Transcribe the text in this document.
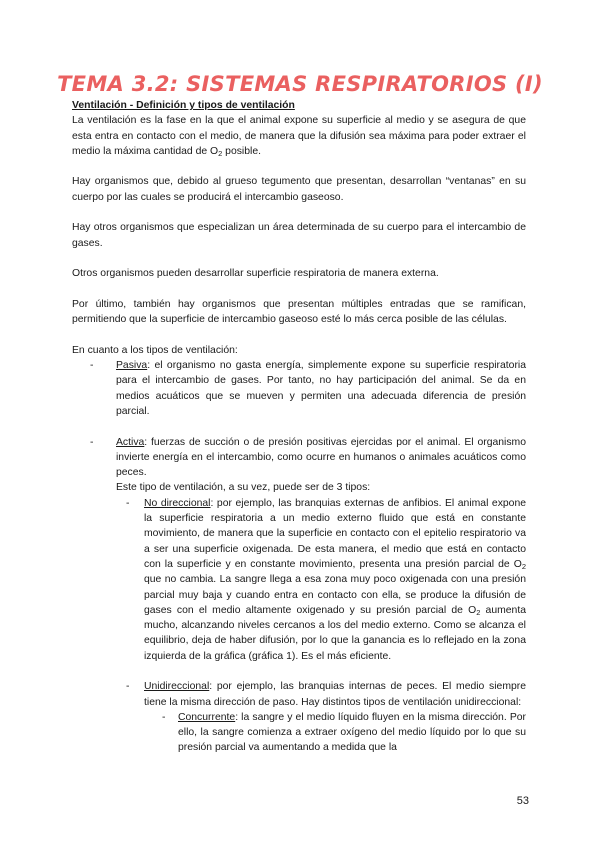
TEMA 3.2: SISTEMAS RESPIRATORIOS (I)

Ventilación - Definición y tipos de ventilación

La ventilación es la fase en la que el animal expone su superficie al medio y se asegura de que esta entra en contacto con el medio, de manera que la difusión sea máxima para poder extraer el medio la máxima cantidad de $O_2$ posible.

Hay organismos que, debido al grueso tegumento que presentan, desarrollan “ventanas” en su cuerpo por las cuales se producirá el intercambio gaseoso.

Hay otros organismos que especializan un área determinada de su cuerpo para el intercambio de gases.

Otros organismos pueden desarrollar superficie respiratoria de manera externa.

Por último, también hay organismos que presentan múltiples entradas que se ramifican, permitiendo que la superficie de intercambio gaseoso esté lo más cerca posible de las células.

En cuanto a los tipos de ventilación:

- Pasiva: el organismo no gasta energía, simplemente expone su superficie respiratoria para el intercambio de gases. Por tanto, no hay participación del animal. Se da en medios acuáticos que se mueven y permiten una adecuada diferencia de presión parcial.
- Activa: fuerzas de succión o de presión positivas ejercidas por el animal. El organismo invierte energía en el intercambio, como ocurre en humanos o animales acuáticos como peces.

Este tipo de ventilación, a su vez, puede ser de 3 tipos:

- No direccional: por ejemplo, las branquias externas de anfibios. El animal expone la superficie respiratoria a un medio externo fluido que está en constante movimiento, de manera que la superficie en contacto con el epitelio respiratorio va a ser una superficie oxigenada. De esta manera, el medio que está en contacto con la superficie y en constante movimiento, presenta una presión parcial de $O_2$ que no cambia. La sangre llega a esa zona muy poco oxigenada con una presión parcial muy baja y cuando entra en contacto con ella, se produce la difusión de gases con el medio altamente oxigenado y su presión parcial de $O_2$ aumenta mucho, alcanzando niveles cercanos a los del medio externo. Como se alcanza el equilibrio, deja de haber difusión, por lo que la ganancia es lo reflejado en la zona izquierda de la gráfica (gráfica 1). Es el más eficiente.
- Unidireccional: por ejemplo, las branquias internas de peces. El medio siempre tiene la misma dirección de paso. Hay distintos tipos de ventilación unidireccional:
- Concurrente: la sangre y el medio líquido fluyen en la misma dirección. Por ello, la sangre comienza a extraer oxígeno del medio líquido por lo que su presión parcial va aumentando a medida que la
53
